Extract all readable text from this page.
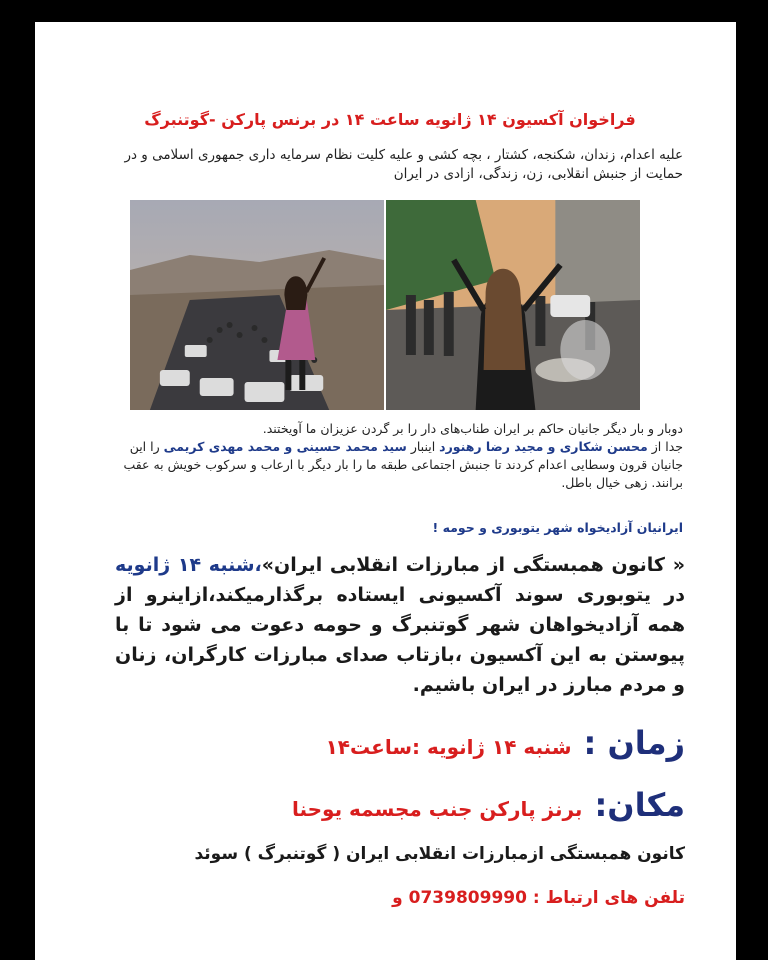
فراخوان آکسیون ۱۴ ژانویه ساعت ۱۴ در برنس پارکن -گوتنبرگ
علیه اعدام، زندان، شکنجه، کشتار ، بچه کشی و علیه کلیت نظام سرمایه داری جمهوری اسلامی و در حمایت از جنبش انقلابی، زن، زندگی، ازادی در ایران
دوبار و بار دیگر جانیان حاکم بر ایران طناب‌های دار را بر گردن عزیزان ما آویختند.
جدا از محسن شکاری و مجید رضا رهنورد اینبار سید محمد حسینی و محمد مهدی کریمی را این جانیان قرون وسطایی اعدام کردند تا جنبش اجتماعی طبقه ما را بار دیگر با ارعاب و سرکوب خویش به عقب برانند. زهی خیال باطل.
ایرانیان آزادیخواه شهر یتوبوری و حومه !
« کانون همبستگی از مبارزات انقلابی ایران»،شنبه ۱۴ ژانویه در یتوبوری سوند آکسیونی ایستاده برگذارمیکند،ازاینرو از همه آزادیخواهان شهر گوتنبرگ و حومه دعوت می شود تا با پیوستن به این آکسیون ،بازتاب صدای مبارزات کارگران، زنان و مردم مبارز در ایران باشیم.
زمان :
شنبه ۱۴ ژانویه :ساعت۱۴
مکان:
برنز پارکن جنب مجسمه یوحنا
کانون همبستگی ازمبارزات انقلابی ایران ( گوتنبرگ ) سوئد
تلفن های ارتباط : 0739809990 و
